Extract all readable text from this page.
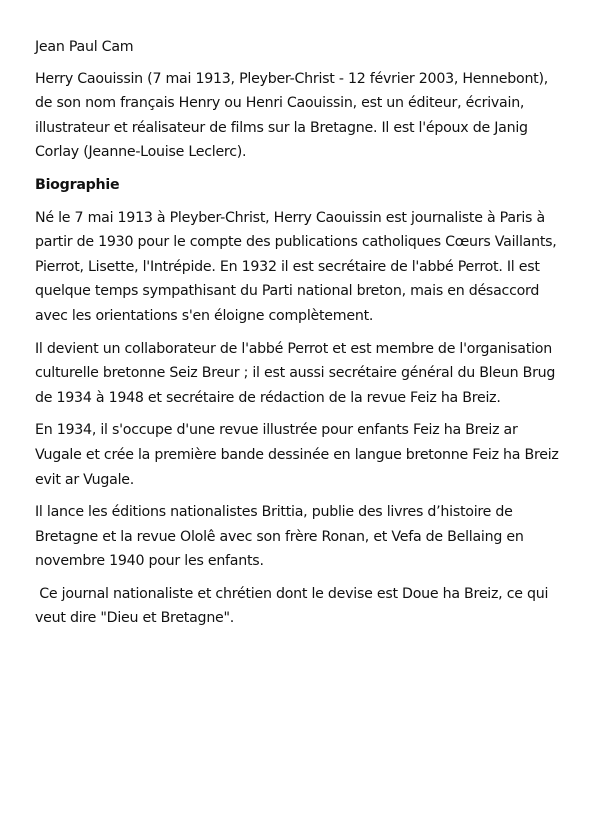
Jean Paul Cam

Herry Caouissin (7 mai 1913, Pleyber-Christ - 12 février 2003, Hennebont), de son nom français Henry ou Henri Caouissin, est un éditeur, écrivain, illustrateur et réalisateur de films sur la Bretagne. Il est l'époux de Janig Corlay (Jeanne-Louise Leclerc).

Biographie

Né le 7 mai 1913 à Pleyber-Christ, Herry Caouissin est journaliste à Paris à partir de 1930 pour le compte des publications catholiques Cœurs Vaillants, Pierrot, Lisette, l'Intrépide. En 1932 il est secrétaire de l'abbé Perrot. Il est quelque temps sympathisant du Parti national breton, mais en désaccord avec les orientations s'en éloigne complètement.

Il devient un collaborateur de l'abbé Perrot et est membre de l'organisation culturelle bretonne Seiz Breur ; il est aussi secrétaire général du Bleun Brug de 1934 à 1948 et secrétaire de rédaction de la revue Feiz ha Breiz.

En 1934, il s'occupe d'une revue illustrée pour enfants Feiz ha Breiz ar Vugale et crée la première bande dessinée en langue bretonne Feiz ha Breiz evit ar Vugale.

Il lance les éditions nationalistes Brittia, publie des livres d’histoire de Bretagne et la revue Ololê avec son frère Ronan, et Vefa de Bellaing en novembre 1940 pour les enfants.

Ce journal nationaliste et chrétien dont le devise est Doue ha Breiz, ce qui veut dire "Dieu et Bretagne".
